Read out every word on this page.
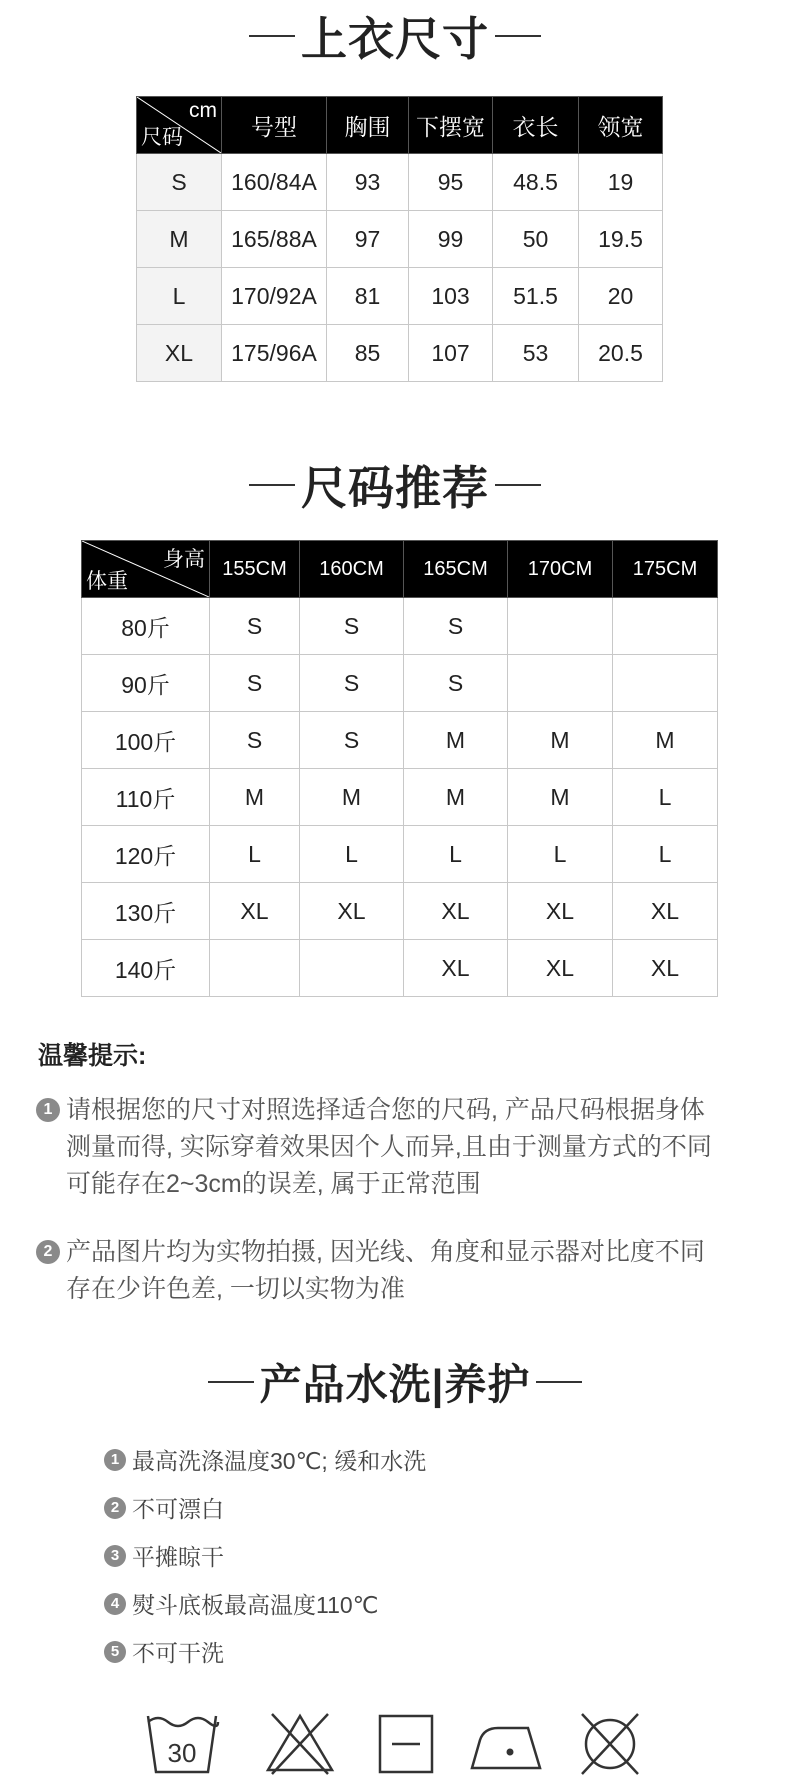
上衣尺寸
cm
尺码	号型	胸围	下摆宽	衣长	领宽
S	160/84A	93	95	48.5	19
M	165/88A	97	99	50	19.5
L	170/92A	81	103	51.5	20
XL	175/96A	85	107	53	20.5
尺码推荐
身高
体重	155CM	160CM	165CM	170CM	175CM
80斤	S	S	S		
90斤	S	S	S		
100斤	S	S	M	M	M
110斤	M	M	M	M	L
120斤	L	L	L	L	L
130斤	XL	XL	XL	XL	XL
140斤			XL	XL	XL
温馨提示:
1 请根据您的尺寸对照选择适合您的尺码, 产品尺码根据身体
测量而得, 实际穿着效果因个人而异,且由于测量方式的不同
可能存在2~3cm的误差, 属于正常范围
2 产品图片均为实物拍摄, 因光线、角度和显示器对比度不同
存在少许色差, 一切以实物为准
产品水洗|养护
1 最高洗涤温度30℃; 缓和水洗
2 不可漂白
3 平摊晾干
4 熨斗底板最高温度110℃
5 不可干洗
30
